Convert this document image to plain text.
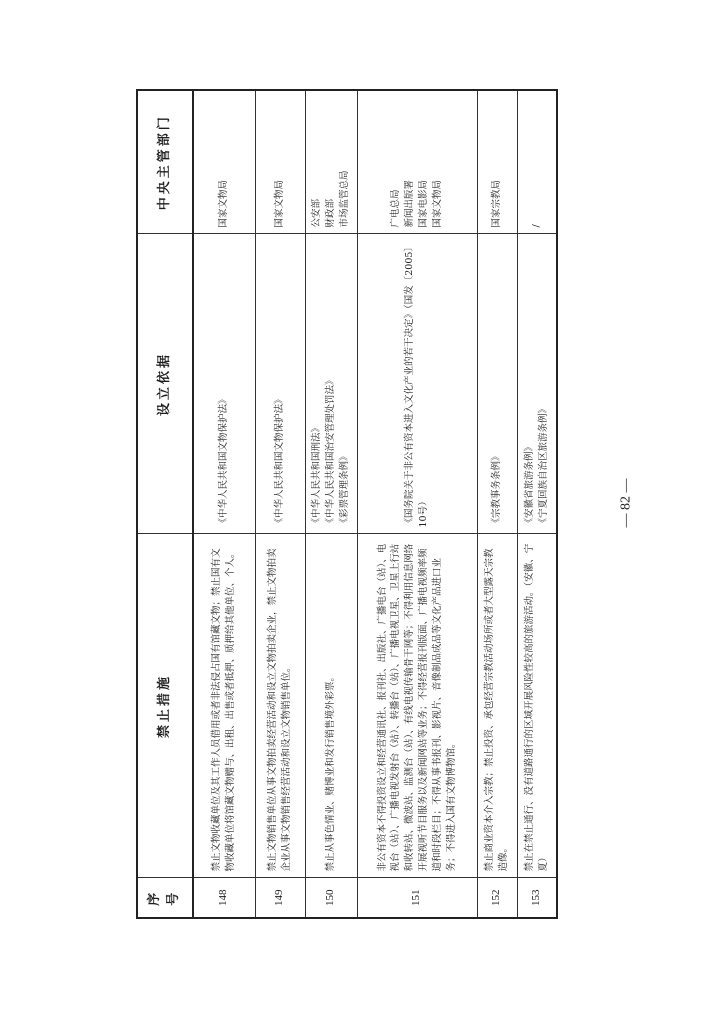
序号	禁止措施	设立依据	中央主管部门
148	禁止文物收藏单位及其工作人员借用或者非法侵占国有馆藏文物；禁止国有文物收藏单位将馆藏文物赠与、出租、出售或者抵押、质押给其他单位、个人。	《中华人民共和国文物保护法》	国家文物局

149	禁止文物销售单位从事文物拍卖经营活动和设立文物拍卖企业，禁止文物拍卖企业从事文物销售经营活动和设立文物销售单位。	《中华人民共和国文物保护法》	国家文物局

150	禁止从事色情业、赌博业和发行销售境外彩票。	《中华人民共和国刑法》 《中华人民共和国治安管理处罚法》 《彩票管理条例》	公安部 财政部 市场监管总局

151	非公有资本不得投资设立和经营通讯社、报刊社、出版社、广播电台（站）、电视台（站）、广播电视发射台（站）、转播台（站）、广播电视卫星、卫星上行站和收转站、微波站、监测台（站）、有线电视传输骨干网等；不得利用信息网络开展视听节目服务以及新闻网站等业务；不得经营报刊版面、广播电视频率频道和时段栏目；不得从事书报刊、影视片、音像制品成品等文化产品进口业务；不得进入国有文物博物馆。	《国务院关于非公有资本进入文化产业的若干决定》（国发〔2005〕10号）	广电总局 新闻出版署 国家电影局 国家文物局

152	禁止商业资本介入宗教；禁止投资、承包经营宗教活动场所或者大型露天宗教造像。	《宗教事务条例》	国家宗教局

153	禁止在禁止通行、没有道路通行的区域开展风险性较高的旅游活动。（安徽、宁夏）	《安徽省旅游条例》 《宁夏回族自治区旅游条例》	/
— 82 —
